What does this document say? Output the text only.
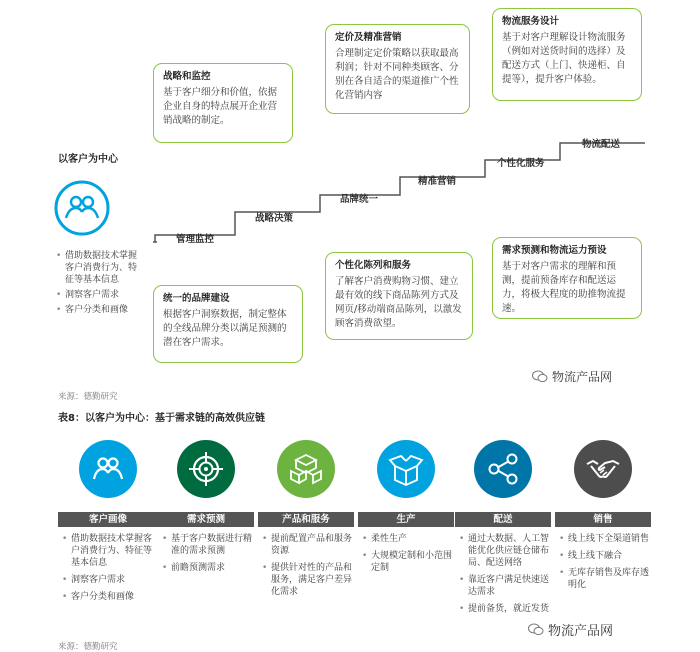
以客户为中心
• 借助数据技术掌握客户消费行为、特征等基本信息
• 洞察客户需求
• 客户分类和画像
管理监控
战略决策
品牌统一
精准营销
个性化服务
物流配送
战略和监控
基于客户细分和价值，依据企业自身的特点展开企业营销战略的制定。
定价及精准营销
合理制定定价策略以获取最高利润；针对不同种类顾客、分别在各自适合的渠道推广个性化营销内容
物流服务设计
基于对客户理解设计物流服务（例如对送货时间的选择）及配送方式（上门、快递柜、自提等），提升客户体验。
统一的品牌建设
根据客户洞察数据，制定整体的全线品牌分类以满足预测的潜在客户需求。
个性化陈列和服务
了解客户消费购物习惯、建立最有效的线下商品陈列方式及网页/移动端商品陈列，以激发顾客消费欲望。
需求预测和物流运力预设
基于对客户需求的理解和预测，提前预备库存和配送运力，将极大程度的助推物流提速。
物流产品网
来源：德勤研究
表8：以客户为中心：基于需求链的高效供应链
客户画像
• 借助数据技术掌握客户消费行为、特征等基本信息
• 洞察客户需求
• 客户分类和画像
需求预测
• 基于客户数据进行精准的需求预测
• 前瞻预测需求
产品和服务
• 提前配置产品和服务资源
• 提供针对性的产品和服务，满足客户差异化需求
生产
• 柔性生产
• 大规模定制和小范围定制
配送
• 通过大数据、人工智能优化供应链仓储布局、配送网络
• 靠近客户满足快速送达需求
• 提前备货，就近发货
销售
• 线上线下全渠道销售
• 线上线下融合
• 无库存销售及库存透明化
物流产品网
来源：德勤研究
